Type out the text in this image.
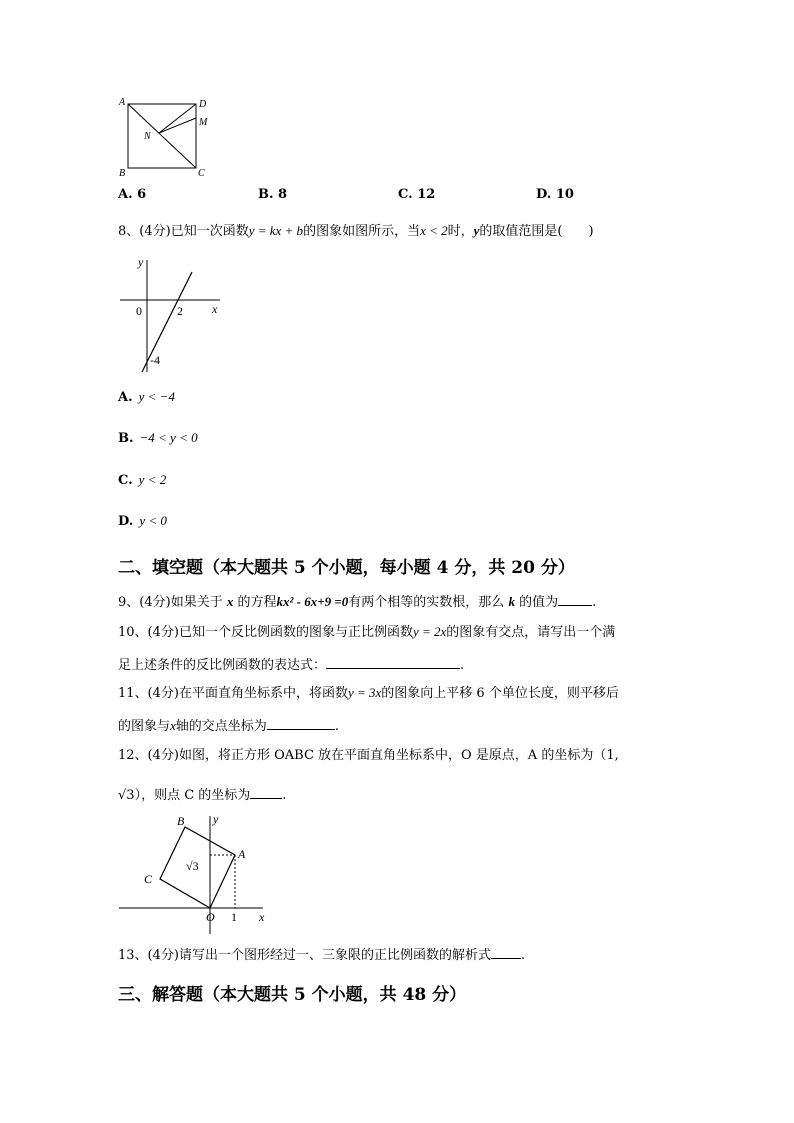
A	D
M
N
B	C
A. 6	B. 8	C. 12	D. 10
8、(4分)已知一次函数y = kx + b的图象如图所示，当x < 2时，y的取值范围是(　　)
y
x
0	2
-4
A. y < −4
B. −4 < y < 0
C. y < 2
D. y < 0
二、填空题（本大题共 5 个小题，每小题 4 分，共 20 分）
9、(4分)如果关于 x 的方程kx² - 6x+9 =0有两个相等的实数根，那么 k 的值为	.
10、(4分)已知一个反比例函数的图象与正比例函数y = 2x的图象有交点，请写出一个满
足上述条件的反比例函数的表达式：	.
11、(4分)在平面直角坐标系中，将函数y = 3x的图象向上平移 6 个单位长度，则平移后
的图象与x轴的交点坐标为	.
12、(4分)如图，将正方形 OABC 放在平面直角坐标系中，O 是原点，A 的坐标为（1,
√3），则点 C 的坐标为 .
B y
A
√3
C
O 1 x
13、(4分)请写出一个图形经过一、三象限的正比例函数的解析式 .
三、解答题（本大题共 5 个小题，共 48 分）
